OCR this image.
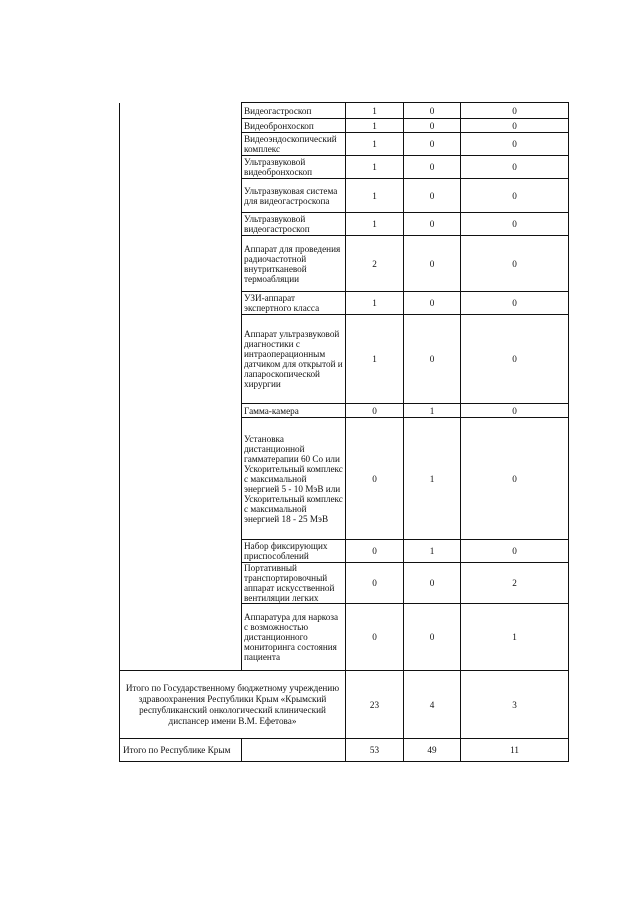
	Видеогастроскоп	1	0	0
	Видеобронхоскоп	1	0	0
	Видеоэндоскопический комплекс	1	0	0
	Ультразвуковой видеобронхоскоп	1	0	0
	Ультразвуковая система для видеогастроскопа	1	0	0
	Ультразвуковой видеогастроскоп	1	0	0
	Аппарат для проведения радиочастотной внутритканевой термоабляции	2	0	0
	УЗИ-аппарат экспертного класса	1	0	0
	Аппарат ультразвуковой диагностики с интраоперационным датчиком для открытой и лапароскопической хирургии	1	0	0
	Гамма-камера	0	1	0
	Установка дистанционной гамматерапии 60 Со или Ускорительный комплекс с максимальной энергией 5 - 10 МэВ или Ускорительный комплекс с максимальной энергией 18 - 25 МэВ	0	1	0
	Набор фиксирующих приспособлений	0	1	0
	Портативный транспортировочный аппарат искусственной вентиляции легких	0	0	2
	Аппаратура для наркоза с возможностью дистанционного мониторинга состояния пациента	0	0	1
Итого по Государственному бюджетному учреждению здравоохранения Республики Крым «Крымский республиканский онкологический клинический диспансер имени В.М. Ефетова»		23	4	3
Итого по Республике Крым		53	49	11
